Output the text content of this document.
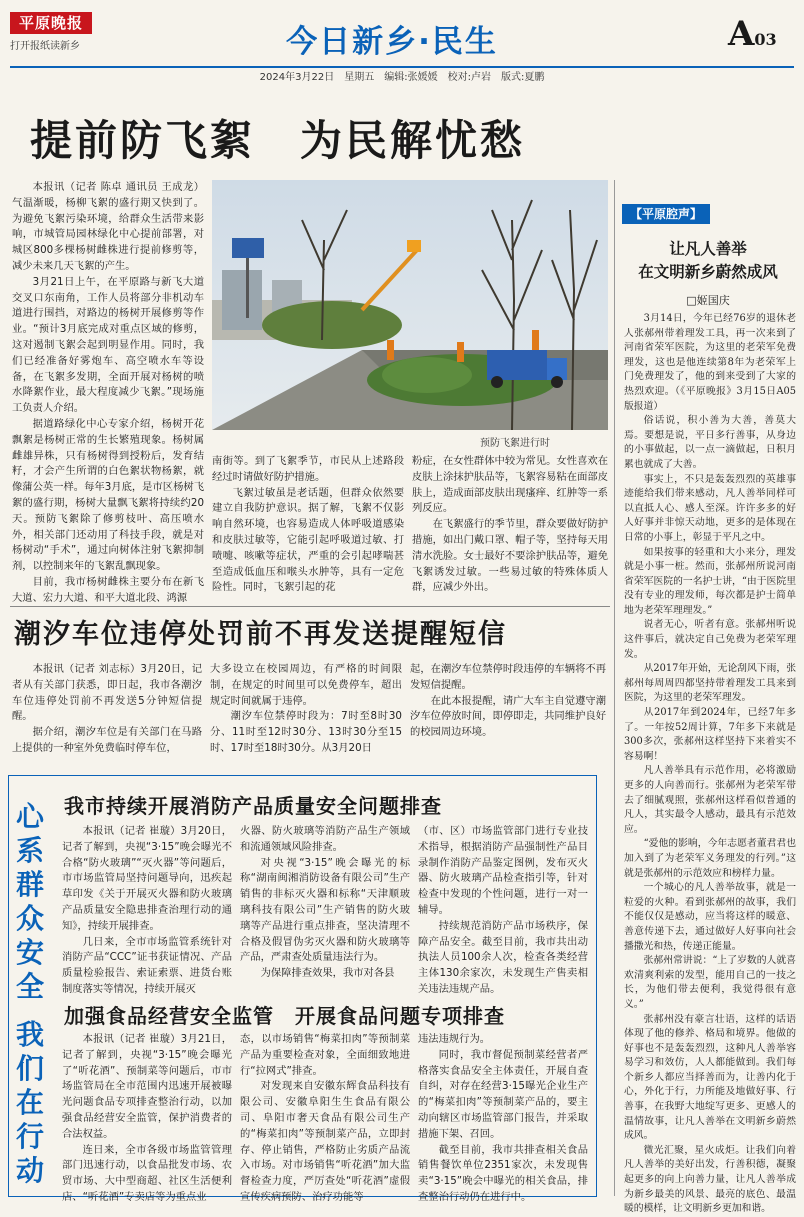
平原晚报
打开报纸读新乡	今日新乡·民生	A03
2024年3月22日　星期五　编辑:张媛媛　校对:卢岩　版式:夏鹏
提前防飞絮　为民解忧愁

本报讯（记者 陈卓 通讯员 王成龙）气温渐暖，杨柳飞絮的盛行期又快到了。为避免飞絮污染环境，给群众生活带来影响，市城管局园林绿化中心提前部署，对城区800多棵杨树雌株进行提前修剪等，减少未来几天飞絮的产生。

3月21日上午，在平原路与新飞大道交叉口东南角，工作人员将部分非机动车道进行围挡，对路边的杨树开展修剪等作业。“预计3月底完成对重点区域的修剪，这对遏制飞絮会起到明显作用。同时，我们已经准备好雾炮车、高空喷水车等设备，在飞絮多发期，全面开展对杨树的喷水降絮作业，最大程度减少飞絮。”现场施工负责人介绍。

据道路绿化中心专家介绍，杨树开花飘絮是杨树正常的生长繁殖现象。杨树属雌雄异株，只有杨树得到授粉后，发育结籽，才会产生所谓的白色絮状物杨絮，就像蒲公英一样。每年3月底，是市区杨树飞絮的盛行期，杨树大量飘飞絮将持续约20天。预防飞絮除了修剪枝叶、高压喷水外，相关部门还动用了科技手段，就是对杨树动“手术”，通过向树体注射飞絮抑制剂，以控制来年的飞絮乱飘现象。

目前，我市杨树雌株主要分布在新飞大道、宏力大道、和平大道北段、鸿源

预防飞絮进行时

南街等。到了飞絮季节，市民从上述路段经过时请做好防护措施。

飞絮过敏虽是老话题，但群众依然要建立自我防护意识。据了解，飞絮不仅影响自然环境，也容易造成人体呼吸道感染和皮肤过敏等，它能引起呼吸道过敏、打喷嚏、咳嗽等症状，严重的会引起哮喘甚至造成低血压和喉头水肿等，具有一定危险性。同时，飞絮引起的花

粉症，在女性群体中较为常见。女性喜欢在皮肤上涂抹护肤品等，飞絮容易粘在面部皮肤上，造成面部皮肤出现瘙痒、红肿等一系列反应。

在飞絮盛行的季节里，群众要做好防护措施，如出门戴口罩、帽子等，坚持每天用清水洗脸。女士最好不要涂护肤品等，避免飞絮诱发过敏。一些易过敏的特殊体质人群，应减少外出。

潮汐车位违停处罚前不再发送提醒短信

本报讯（记者 刘志标）3月20日，记者从有关部门获悉，即日起，我市各潮汐车位违停处罚前不再发送5分钟短信提醒。

据介绍，潮汐车位是有关部门在马路上提供的一种室外免费临时停车位，

大多设立在校园周边，有严格的时间限制，在规定的时间里可以免费停车，超出规定时间就属于违停。

潮汐车位禁停时段为：7时至8时30分、11时至12时30分、13时30分至15时、17时至18时30分。从3月20日

起，在潮汐车位禁停时段违停的车辆将不再发短信提醒。

在此本报提醒，请广大车主自觉遵守潮汐车位停放时间，即停即走，共同维护良好的校园周边环境。

心
系
群
众
安
全
我
们
在
行
动
我市持续开展消防产品质量安全问题排查

本报讯（记者 崔璇）3月20日，记者了解到，央视“3·15”晚会曝光不合格“防火玻璃”“灭火器”等问题后，市市场监管局坚持问题导向，迅疾起草印发《关于开展灭火器和防火玻璃产品质量安全隐患排查治理行动的通知》，持续开展排查。

几日来，全市市场监管系统针对消防产品“CCC”证书获证情况、产品质量检验报告、索证索票、进货台账制度落实等情况，持续开展灭

火器、防火玻璃等消防产品生产领域和流通领域风险排查。

对央视“3·15”晚会曝光的标称“湖南闽湘消防设备有限公司”生产销售的非标灭火器和标称“天津顺玻璃科技有限公司”生产销售的防火玻璃等产品进行重点排查，坚决清理不合格及假冒伪劣灭火器和防火玻璃等产品，严肃查处质量违法行为。

为保障排查效果，我市对各县

（市、区）市场监管部门进行专业技术指导，根据消防产品强制性产品目录制作消防产品鉴定图例，发布灭火器、防火玻璃产品检查指引等，针对检查中发现的个性问题，进行一对一辅导。

持续规范消防产品市场秩序，保障产品安全。截至目前，我市共出动执法人员100余人次，检查各类经营主体130余家次，未发现生产售卖相关违法违规产品。

加强食品经营安全监管　开展食品问题专项排查

本报讯（记者 崔璇）3月21日，记者了解到，央视“3·15”晚会曝光了“听花酒”、预制菜等问题后，市市场监管局在全市范围内迅速开展被曝光问题食品专项排查整治行动，以加强食品经营安全监管，保护消费者的合法权益。

连日来，全市各级市场监管管理部门迅速行动，以食品批发市场、农贸市场、大中型商超、社区生活便利店、“听花酒”专卖店等为重点业

态，以市场销售“梅菜扣肉”等预制菜产品为重要检查对象，全面细致地进行“拉网式”排查。

对发现来自安徽东辉食品科技有限公司、安徽阜阳生生食品有限公司、阜阳市奢天食品有限公司生产的“梅菜扣肉”等预制菜产品，立即封存、停止销售，严格防止劣质产品流入市场。对市场销售“听花酒”加大监督检查力度，严厉查处“听花酒”虚假宣传疾病预防、治疗功能等

违法违规行为。

同时，我市督促预制菜经营者严格落实食品安全主体责任，开展自查自纠，对存在经营3·15曝光企业生产的“梅菜扣肉”等预制菜产品的，要主动向辖区市场监管部门报告，并采取措施下架、召回。

截至目前，我市共排查相关食品销售餐饮单位2351家次，未发现售卖“3·15”晚会中曝光的相关食品，排查整治行动仍在进行中。

【平原腔声】
让凡人善举
在文明新乡蔚然成风
□姬国庆

3月14日，今年已经76岁的退休老人张郝州带着理发工具，再一次来到了河南省荣军医院，为这里的老荣军免费理发，这也是他连续第8年为老荣军上门免费理发了，他的到来受到了大家的热烈欢迎。（《平原晚报》3月15日A05版报道）

俗话说，积小善为大善，善莫大焉。要想是说，平日多行善事，从身边的小事做起，以一点一滴做起，日积月累也就成了大善。

事实上，不只是轰轰烈烈的英雄事迹能给我们带来感动，凡人善举同样可以直抵人心、感人至深。许许多多的好人好事并非惊天动地，更多的是体现在日常的小事上，彰显于平凡之中。

如果按事的轻重和大小来分，理发就是小事一桩。然而，张郝州所说河南省荣军医院的一名护士讲，“由于医院里没有专业的理发师，每次都是护士简单地为老荣军理理发。”

说者无心，听者有意。张郝州听说这件事后，就决定自己免费为老荣军理发。

从2017年开始，无论刮风下雨，张郝州每周周四都坚持带着理发工具来到医院，为这里的老荣军理发。

从2017年到2024年，已经7年多了。一年按52周计算，7年多下来就是300多次，张郝州这样坚持下来着实不容易啊！

凡人善举具有示范作用，必将激励更多的人向善而行。张郝州为老荣军带去了细腻观照，张郝州这样看似普通的凡人，其实最令人感动，最具有示范效应。

“爱他的影响，今年志愿者董君君也加入到了为老荣军义务理发的行列。”这就是张郝州的示范效应和榜样力量。

一个城心的凡人善举故事，就是一粒爱的火种。看到张郝州的故事，我们不能仅仅是感动，应当将这样的暖意、善意传递下去，通过做好人好事向社会播撒光和热，传递正能量。

张郝州常讲说：“上了岁数的人就喜欢清爽利索的发型，能用自己的一技之长，为他们带去便利，我觉得很有意义。”

张郝州没有豪言壮语，这样的话语体现了他的修养、格局和境界。他做的好事也不是轰轰烈烈，这种凡人善举容易学习和效仿，人人都能做到。我们每个新乡人都应当择善而为，让善内化于心，外化于行，力所能及地做好事、行善事，在我野大地绽写更多、更感人的温情故事，让凡人善举在文明新乡蔚然成风。

微光汇聚，星火成炬。让我们向着凡人善举的美好出发，行善积德，凝聚起更多的向上向善力量，让凡人善举成为新乡最美的风景、最亮的底色、最温暖的模样，让文明新乡更加和谐。
